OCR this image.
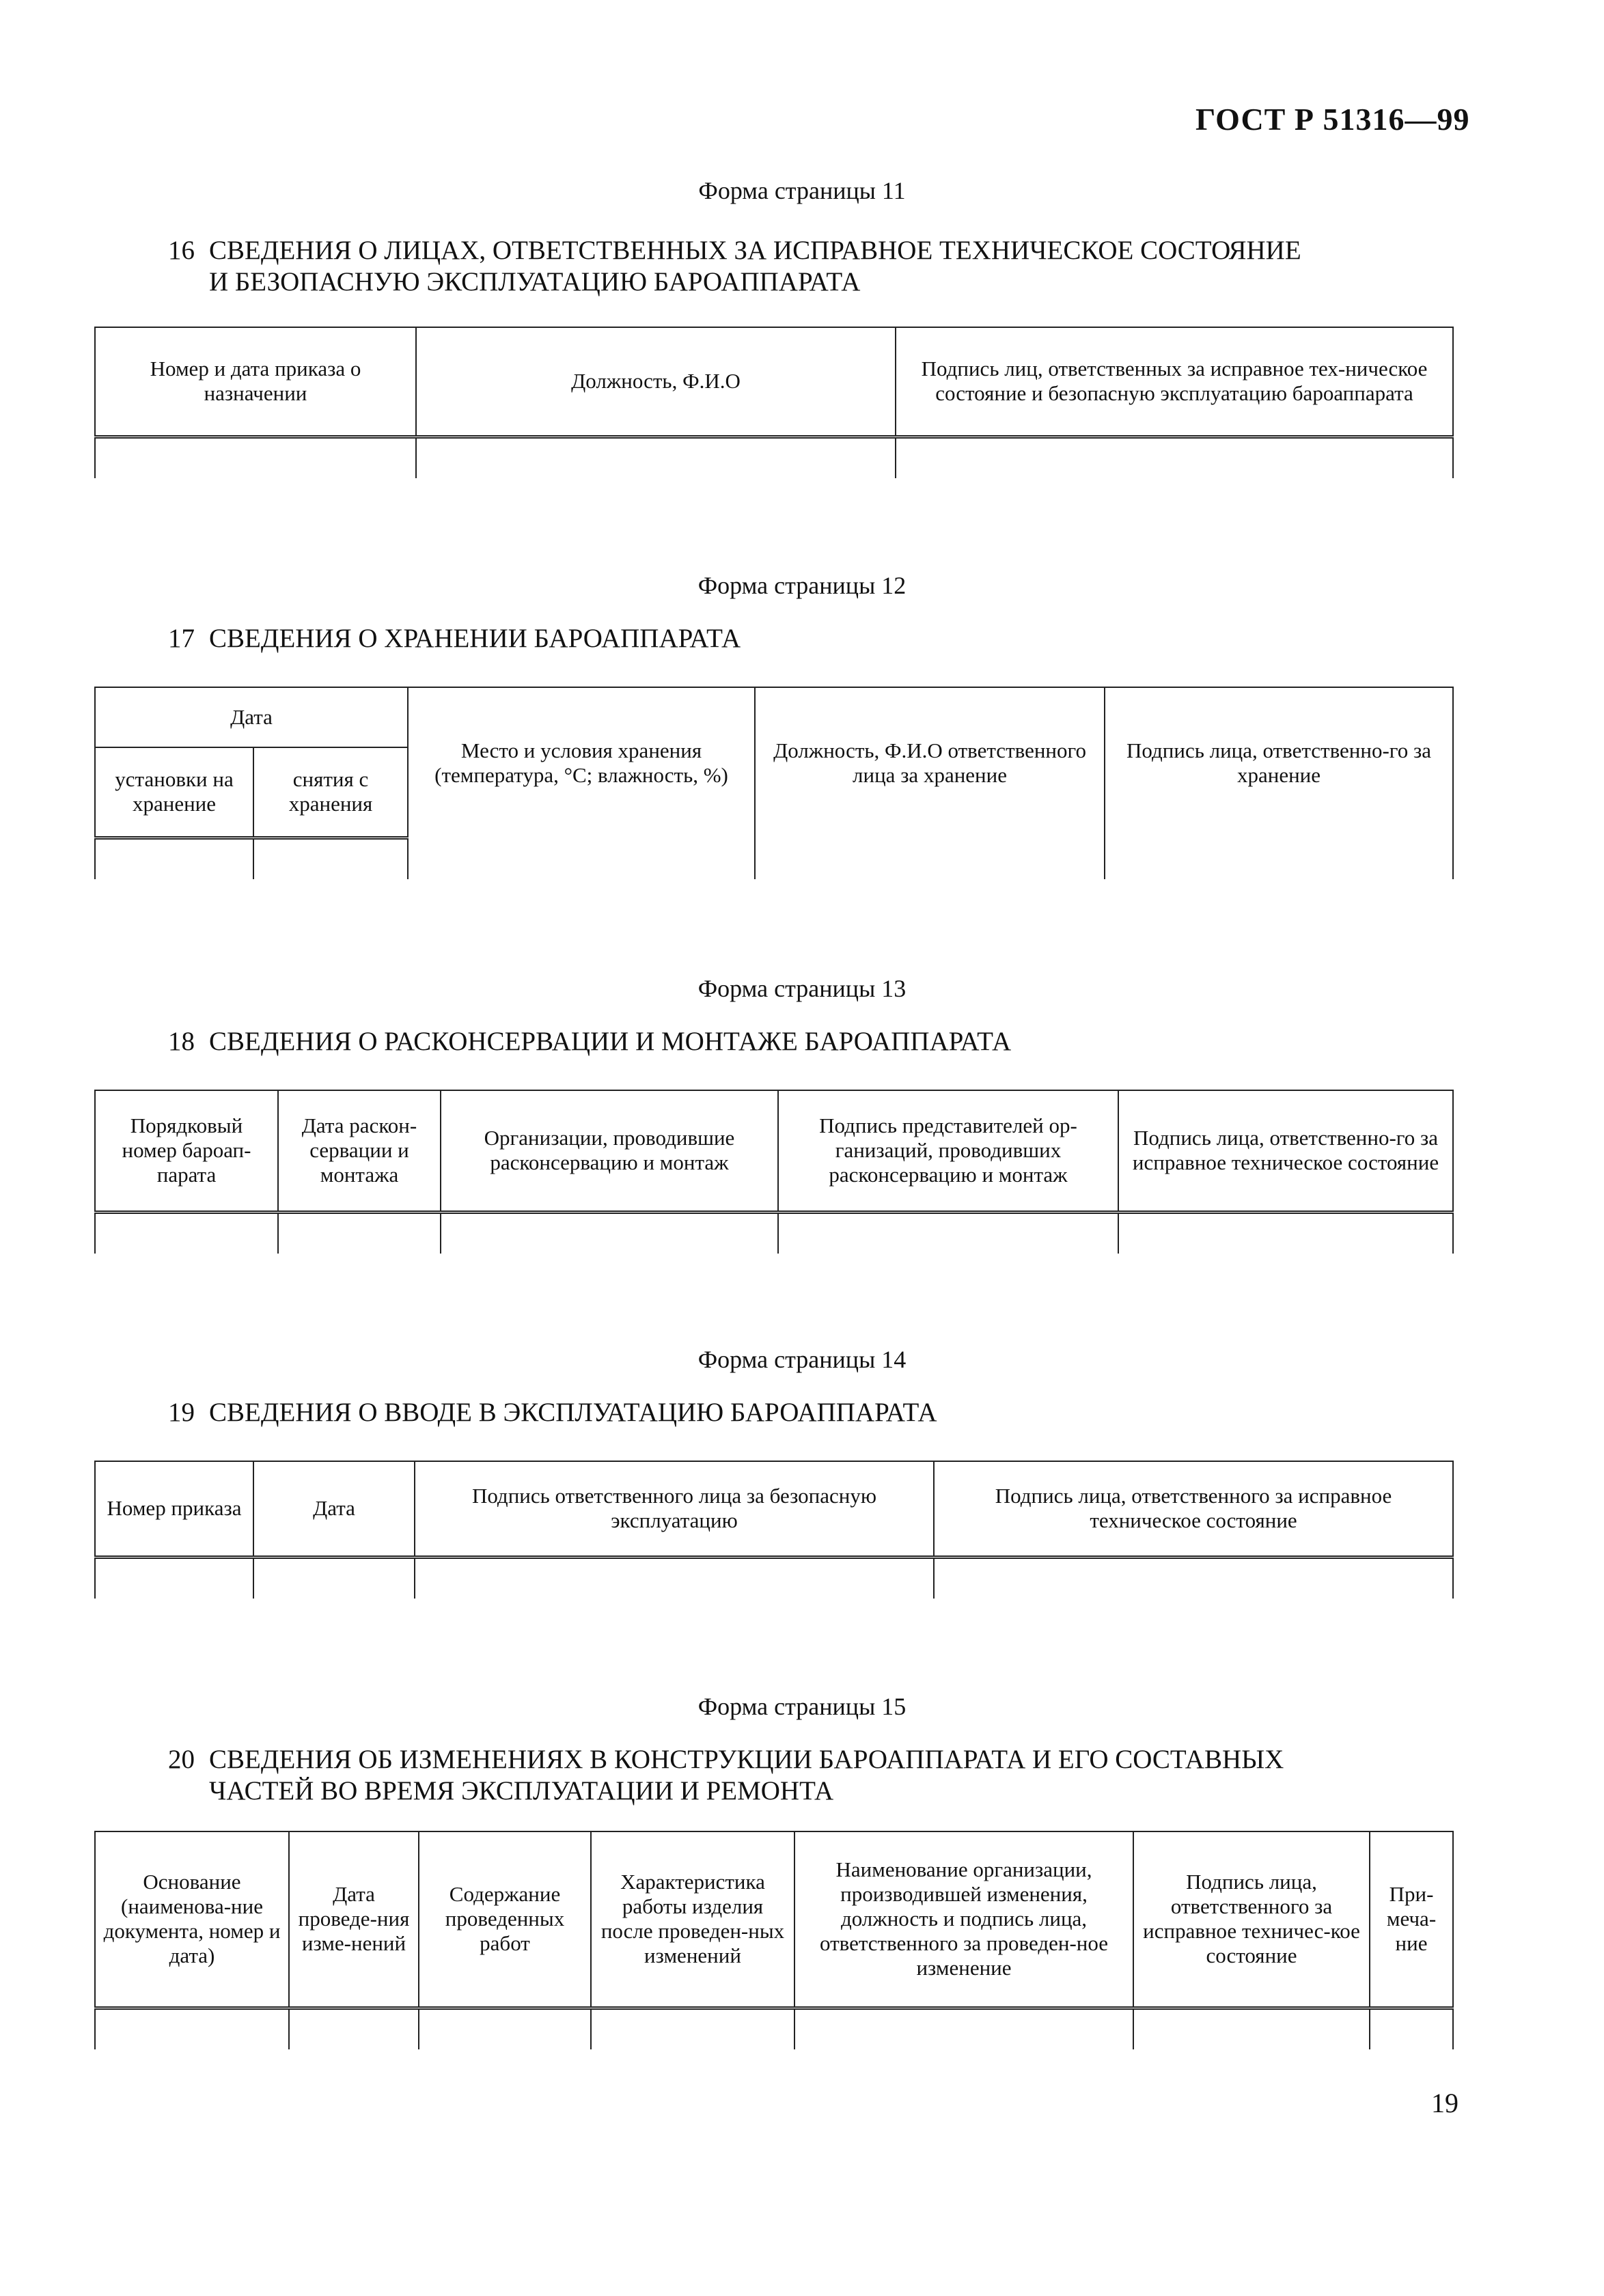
ГОСТ Р 51316—99
Форма страницы 11
16 СВЕДЕНИЯ О ЛИЦАХ, ОТВЕТСТВЕННЫХ ЗА ИСПРАВНОЕ ТЕХНИЧЕСКОЕ СОСТОЯНИЕ
И БЕЗОПАСНУЮ ЭКСПЛУАТАЦИЮ БАРОАППАРАТА
Номер и дата приказа о назначении	Должность, Ф.И.О	Подпись лиц, ответственных за исправное тех-ническое состояние и безопасную эксплуатацию бароаппарата

Форма страницы 12
17 СВЕДЕНИЯ О ХРАНЕНИИ БАРОАППАРАТА
Дата		Место и условия хранения (температура, °С; влажность, %)	Должность, Ф.И.О ответственного лица за хранение	Подпись лица, ответственно-го за хранение
установки на хранение	снятия с хранения			

Форма страницы 13
18 СВЕДЕНИЯ О РАСКОНСЕРВАЦИИ И МОНТАЖЕ БАРОАППАРАТА
Порядковый номер бароап-парата	Дата раскон-сервации и монтажа	Организации, проводившие расконсервацию и монтаж	Подпись представителей ор-ганизаций, проводивших расконсервацию и монтаж	Подпись лица, ответственно-го за исправное техническое состояние

Форма страницы 14
19 СВЕДЕНИЯ О ВВОДЕ В ЭКСПЛУАТАЦИЮ БАРОАППАРАТА
Номер приказа	Дата	Подпись ответственного лица за безопасную эксплуатацию	Подпись лица, ответственного за исправное техническое состояние

Форма страницы 15
20 СВЕДЕНИЯ ОБ ИЗМЕНЕНИЯХ В КОНСТРУКЦИИ БАРОАППАРАТА И ЕГО СОСТАВНЫХ
ЧАСТЕЙ ВО ВРЕМЯ ЭКСПЛУАТАЦИИ И РЕМОНТА
Основание (наименова-ние документа, номер и дата)	Дата проведе-ния изме-нений	Содержание проведенных работ	Характеристика работы изделия после проведен-ных изменений	Наименование организации, производившей изменения, должность и подпись лица, ответственного за проведен-ное изменение	Подпись лица, ответственного за исправное техничес-кое состояние	При-меча-ние

19
